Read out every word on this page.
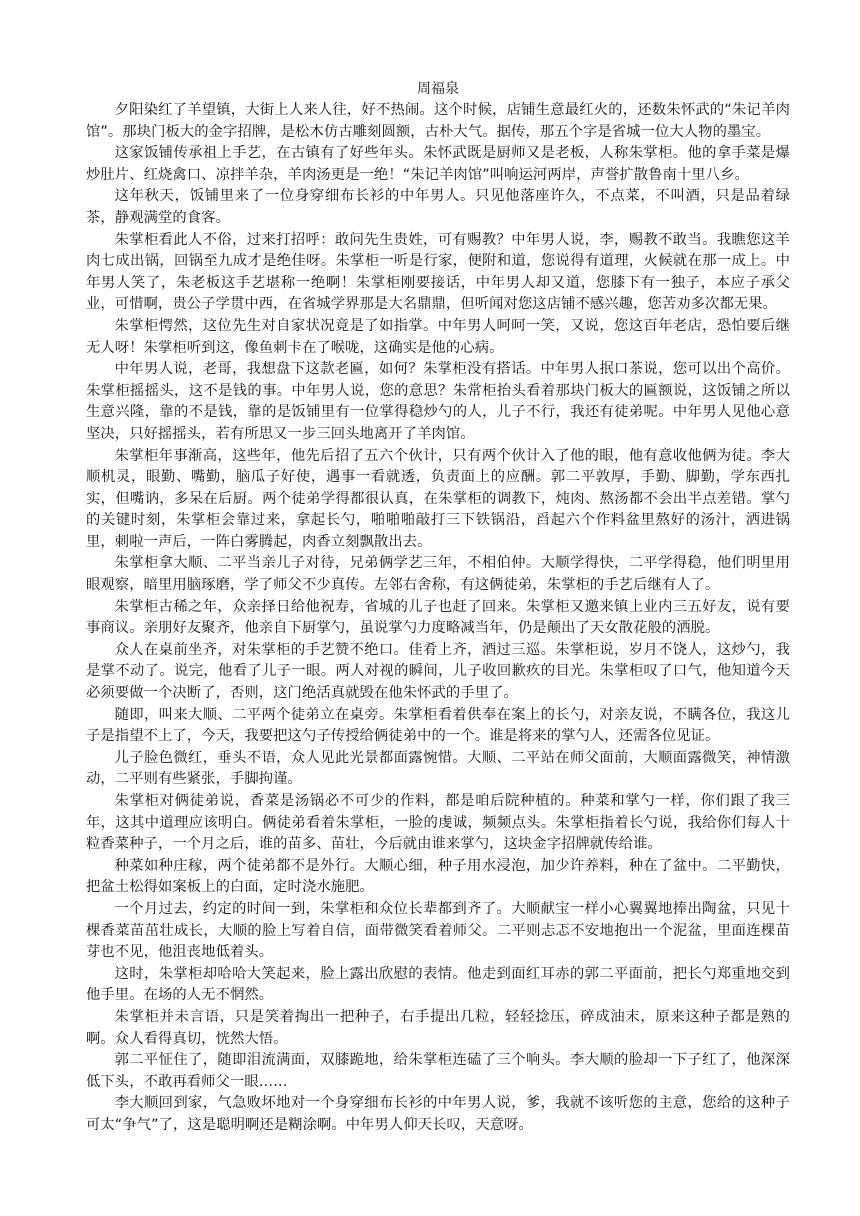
周福泉

夕阳染红了羊望镇，大街上人来人往，好不热闹。这个时候，店铺生意最红火的，还数朱怀武的“朱记羊肉馆”。那块门板大的金字招牌，是松木仿古雕刻圆额，古朴大气。据传，那五个字是省城一位大人物的墨宝。

这家饭铺传承祖上手艺，在古镇有了好些年头。朱怀武既是厨师又是老板，人称朱掌柜。他的拿手菜是爆炒肚片、红烧禽口、凉拌羊杂，羊肉汤更是一绝！“朱记羊肉馆”叫响运河两岸，声誉扩散鲁南十里八乡。

这年秋天，饭铺里来了一位身穿细布长衫的中年男人。只见他落座许久，不点菜，不叫酒，只是品着绿茶，静观满堂的食客。

朱掌柜看此人不俗，过来打招呼：敢问先生贵姓，可有赐教？中年男人说，李，赐教不敢当。我瞧您这羊肉七成出锅，回锅至九成才是绝佳呀。朱掌柜一听是行家，便附和道，您说得有道理，火候就在那一成上。中年男人笑了，朱老板这手艺堪称一绝啊！朱掌柜刚要接话，中年男人却又道，您膝下有一独子，本应子承父业，可惜啊，贵公子学贯中西，在省城学界那是大名鼎鼎，但听闻对您这店铺不感兴趣，您苦劝多次都无果。

朱掌柜愕然，这位先生对自家状况竟是了如指掌。中年男人呵呵一笑，又说，您这百年老店，恐怕要后继无人呀！朱掌柜听到这，像鱼刺卡在了喉咙，这确实是他的心病。

中年男人说，老哥，我想盘下这款老匾，如何？朱掌柜没有搭话。中年男人抿口茶说，您可以出个高价。朱掌柜摇摇头，这不是钱的事。中年男人说，您的意思？朱常柜抬头看着那块门板大的匾额说，这饭铺之所以生意兴隆，靠的不是钱，靠的是饭铺里有一位掌得稳炒勺的人，儿子不行，我还有徒弟呢。中年男人见他心意坚决，只好摇摇头，若有所思又一步三回头地离开了羊肉馆。

朱掌柜年事渐高，这些年，他先后招了五六个伙计，只有两个伙计入了他的眼，他有意收他俩为徒。李大顺机灵，眼勤、嘴勤，脑瓜子好使，遇事一看就透，负责面上的应酬。郭二平敦厚，手勤、脚勤，学东西扎实，但嘴讷，多呆在后厨。两个徒弟学得都很认真，在朱掌柜的调教下，炖肉、熬汤都不会出半点差错。掌勺的关键时刻，朱掌柜会靠过来，拿起长勺，啪啪啪敲打三下铁锅沿，舀起六个作料盆里熬好的汤汁，洒进锅里，刺啦一声后，一阵白雾腾起，肉香立刻飘散出去。

朱掌柜拿大顺、二平当亲儿子对待，兄弟俩学艺三年，不相伯仲。大顺学得快，二平学得稳，他们明里用眼观察，暗里用脑琢磨，学了师父不少真传。左邻右舍称，有这俩徒弟，朱掌柜的手艺后继有人了。

朱掌柜古稀之年，众亲择日给他祝寿，省城的儿子也赶了回来。朱掌柜又邀来镇上业内三五好友，说有要事商议。亲朋好友聚齐，他亲自下厨掌勺，虽说掌勺力度略减当年，仍是颠出了天女散花般的洒脱。

众人在桌前坐齐，对朱掌柜的手艺赞不绝口。佳肴上齐，酒过三巡。朱掌柜说，岁月不饶人，这炒勺，我是掌不动了。说完，他看了儿子一眼。两人对视的瞬间，儿子收回歉疚的目光。朱掌柜叹了口气，他知道今天必须要做一个决断了，否则，这门绝活真就毁在他朱怀武的手里了。

随即，叫来大顺、二平两个徒弟立在桌旁。朱掌柜看着供奉在案上的长勺，对亲友说，不瞒各位，我这儿子是指望不上了，今天，我要把这勺子传授给俩徒弟中的一个。谁是将来的掌勺人，还需各位见证。

儿子脸色微红，垂头不语，众人见此光景都面露惋惜。大顺、二平站在师父面前，大顺面露微笑，神情激动，二平则有些紧张，手脚拘谨。

朱掌柜对俩徒弟说，香菜是汤锅必不可少的作料，都是咱后院种植的。种菜和掌勺一样，你们跟了我三年，这其中道理应该明白。俩徒弟看着朱掌柜，一脸的虔诚，频频点头。朱掌柜指着长勺说，我给你们每人十粒香菜种子，一个月之后，谁的苗多、苗壮，今后就由谁来掌勺，这块金字招牌就传给谁。

种菜如种庄稼，两个徒弟都不是外行。大顺心细，种子用水浸泡，加少许养料，种在了盆中。二平勤快，把盆土松得如案板上的白面，定时浇水施肥。

一个月过去，约定的时间一到，朱掌柜和众位长辈都到齐了。大顺献宝一样小心翼翼地捧出陶盆，只见十棵香菜苗茁壮成长，大顺的脸上写着自信，面带微笑看着师父。二平则忐忑不安地抱出一个泥盆，里面连棵苗芽也不见，他沮丧地低着头。

这时，朱掌柜却哈哈大笑起来，脸上露出欣慰的表情。他走到面红耳赤的郭二平面前，把长勺郑重地交到他手里。在场的人无不惘然。

朱掌柜并未言语，只是笑着掏出一把种子，右手提出几粒，轻轻捻压，碎成油末，原来这种子都是熟的啊。众人看得真切，恍然大悟。

郭二平怔住了，随即泪流满面，双膝跪地，给朱掌柜连磕了三个响头。李大顺的脸却一下子红了，他深深低下头，不敢再看师父一眼……

李大顺回到家，气急败坏地对一个身穿细布长衫的中年男人说，爹，我就不该听您的主意，您给的这种子可太“争气”了，这是聪明啊还是糊涂啊。中年男人仰天长叹，天意呀。
